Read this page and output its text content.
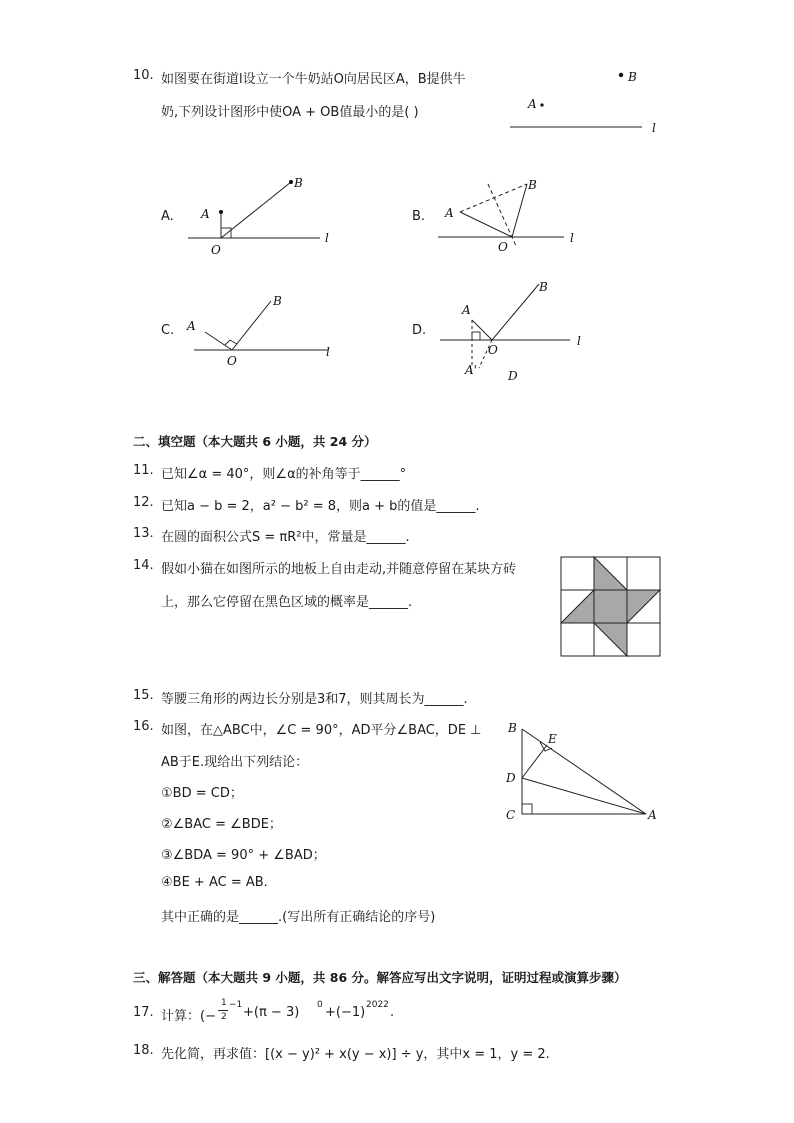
10. 如图要在街道l设立一个牛奶站O向居民区A，B提供牛
奶,下列设计图形中使OA + OB值最小的是( )
B
A
l
A.
l
B
A
O
B.
l
A
B
O
C.
l
A
B
O
D.
l
A
B
O
A'	D
二、填空题（本大题共 6 小题，共 24 分）
11. 已知∠α = 40°，则∠α的补角等于______°
12. 已知a − b = 2，a² − b² = 8，则a + b的值是______.
13. 在圆的面积公式S = πR²中，常量是______.
14. 假如小猫在如图所示的地板上自由走动,并随意停留在某块方砖
上，那么它停留在黑色区域的概率是______.
15. 等腰三角形的两边长分别是3和7，则其周长为______.
16. 如图，在△ABC中，∠C = 90°，AD平分∠BAC，DE ⊥
AB于E.现给出下列结论：
①BD = CD；
②∠BAC = ∠BDE；
③∠BDA = 90° + ∠BAD；
④BE + AC = AB.
其中正确的是______.(写出所有正确结论的序号)
B
E
D
C	A
三、解答题（本大题共 9 小题，共 86 分。解答应写出文字说明，证明过程或演算步骤）
17. 计算：(−
1
2
−1 +(π − 3) 0 +(−1) 2022 .
18. 先化简，再求值：[(x − y)² + x(y − x)] ÷ y，其中x = 1，y = 2.
